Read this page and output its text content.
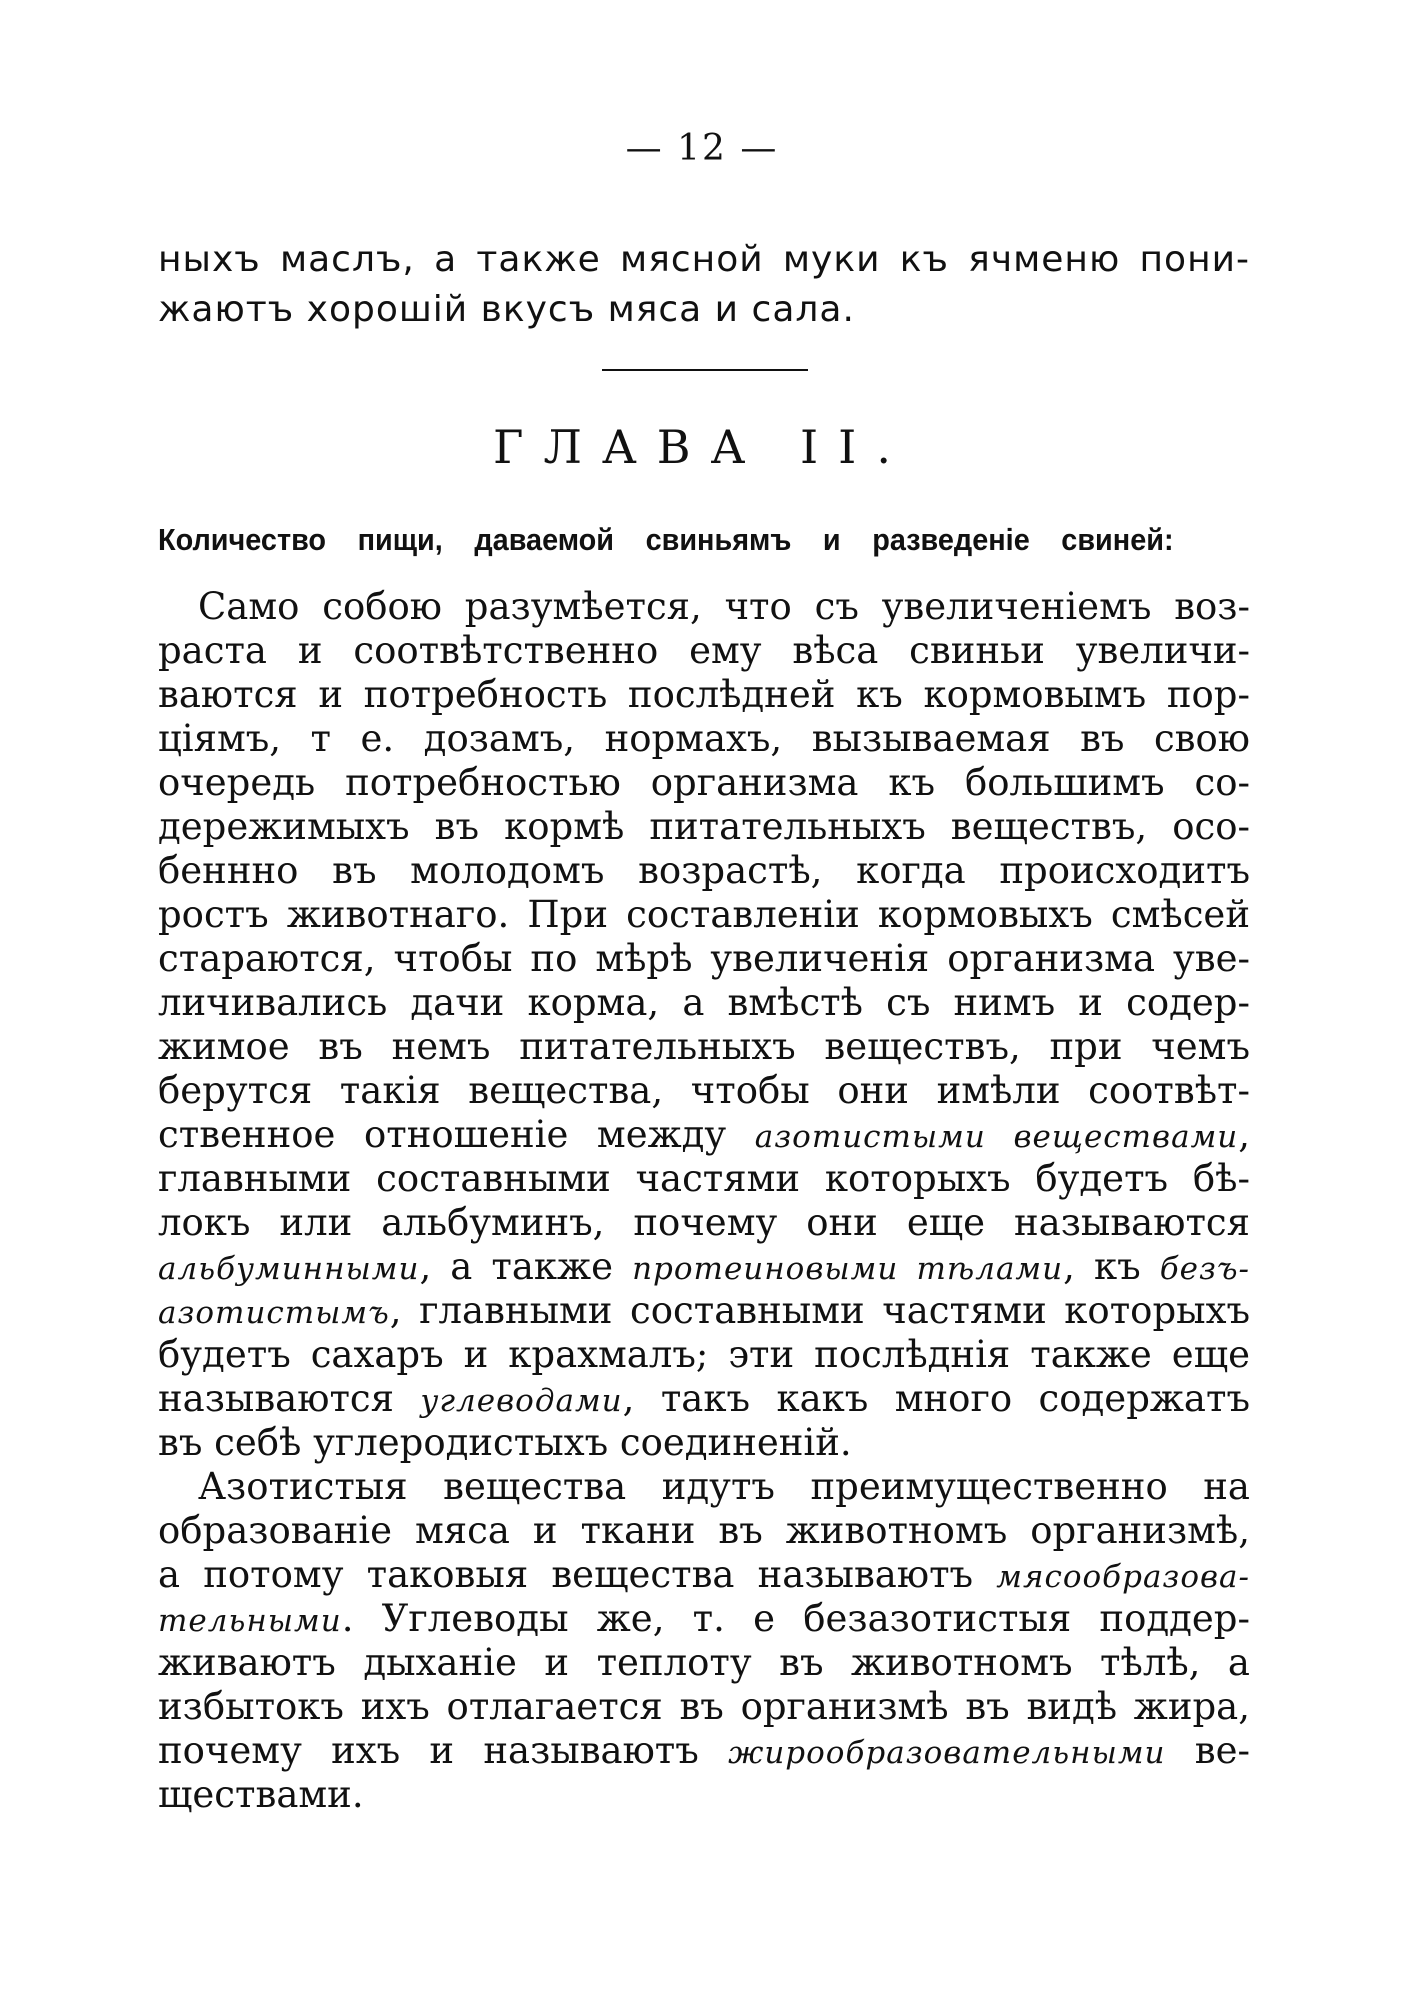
— 12 —
ныхъ маслъ, а также мясной муки къ ячменю пони-
жаютъ хорошій вкусъ мяса и сала.
ГЛАВА II.
Количество пищи, даваемой свиньямъ и разведеніе свиней:
Само собою разумѣется, что съ увеличеніемъ воз-
раста и соотвѣтственно ему вѣса свиньи увеличи-
ваются и потребность послѣдней къ кормовымъ пор-
ціямъ, т е. дозамъ, нормахъ, вызываемая въ свою
очередь потребностью организма къ большимъ со-
дережимыхъ въ кормѣ питательныхъ веществъ, осо-
беннно въ молодомъ возрастѣ, когда происходитъ
ростъ животнаго. При составленіи кормовыхъ смѣсей
стараются, чтобы по мѣрѣ увеличенія организма уве-
личивались дачи корма, а вмѣстѣ съ нимъ и содер-
жимое въ немъ питательныхъ веществъ, при чемъ
берутся такія вещества, чтобы они имѣли соотвѣт-
ственное отношеніе между азотистыми веществами,
главными составными частями которыхъ будетъ бѣ-
локъ или альбуминъ, почему они еще называются
альбуминными, а также протеиновыми тѣлами, къ безъ-
азотистымъ, главными составными частями которыхъ
будетъ сахаръ и крахмалъ; эти послѣднія также еще
называются углеводами, такъ какъ много содержатъ
въ себѣ углеродистыхъ соединеній.
Азотистыя вещества идутъ преимущественно на
образованіе мяса и ткани въ животномъ организмѣ,
а потому таковыя вещества называютъ мясообразова-
тельными. Углеводы же, т. е безазотистыя поддер-
живаютъ дыханіе и теплоту въ животномъ тѣлѣ, а
избытокъ ихъ отлагается въ организмѣ въ видѣ жира,
почему ихъ и называютъ жирообразовательными ве-
ществами.
